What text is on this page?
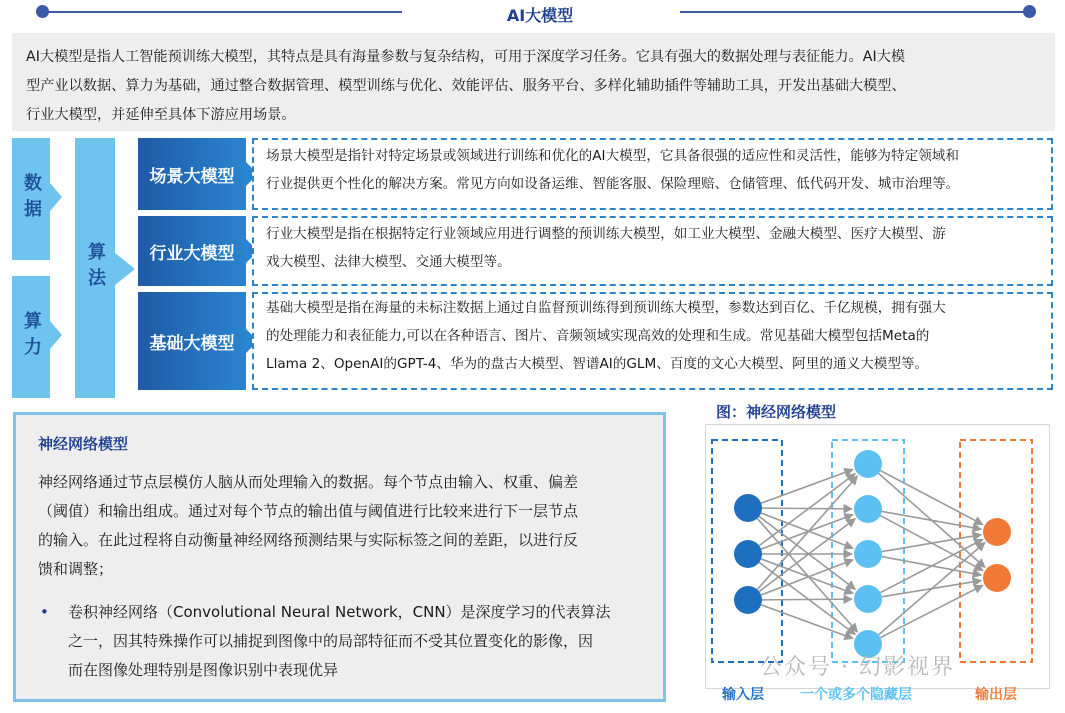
AI大模型
AI大模型是指人工智能预训练大模型，其特点是具有海量参数与复杂结构，可用于深度学习任务。它具有强大的数据处理与表征能力。AI大模
型产业以数据、算力为基础，通过整合数据管理、模型训练与优化、效能评估、服务平台、多样化辅助插件等辅助工具，开发出基础大模型、
行业大模型，并延伸至具体下游应用场景。
数据
算力
算法
场景大模型
场景大模型是指针对特定场景或领域进行训练和优化的AI大模型，它具备很强的适应性和灵活性，能够为特定领域和
行业提供更个性化的解决方案。常见方向如设备运维、智能客服、保险理赔、仓储管理、低代码开发、城市治理等。
行业大模型
行业大模型是指在根据特定行业领域应用进行调整的预训练大模型，如工业大模型、金融大模型、医疗大模型、游
戏大模型、法律大模型、交通大模型等。
基础大模型
基础大模型是指在海量的未标注数据上通过自监督预训练得到预训练大模型，参数达到百亿、千亿规模，拥有强大
的处理能力和表征能力,可以在各种语言、图片、音频领域实现高效的处理和生成。常见基础大模型包括Meta的
Llama 2、OpenAI的GPT-4、华为的盘古大模型、智谱AI的GLM、百度的文心大模型、阿里的通义大模型等。
神经网络模型
神经网络通过节点层模仿人脑从而处理输入的数据。每个节点由输入、权重、偏差
（阈值）和输出组成。通过对每个节点的输出值与阈值进行比较来进行下一层节点
的输入。在此过程将自动衡量神经网络预测结果与实际标签之间的差距，以进行反
馈和调整；
• 卷积神经网络（Convolutional Neural Network，CNN）是深度学习的代表算法
之一，因其特殊操作可以捕捉到图像中的局部特征而不受其位置变化的影像，因
而在图像处理特别是图像识别中表现优异
图：神经网络模型
输入层	一个或多个隐藏层	输出层
公众号 · 幻影视界
